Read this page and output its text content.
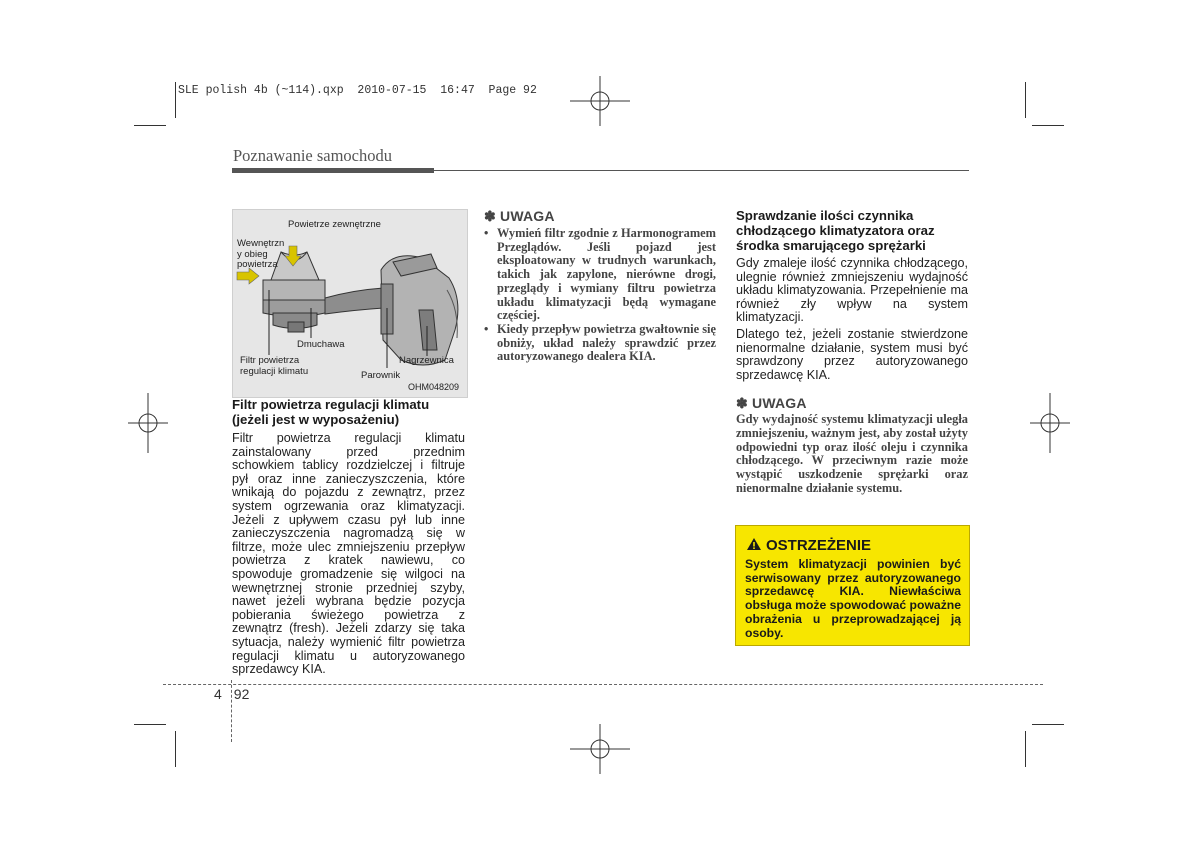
SLE polish 4b (~114).qxp  2010-07-15  16:47  Page 92
Poznawanie samochodu
Powietrze zewnętrzne
Wewnętrzn y obieg powietrza
Dmuchawa
Filtr powietrza regulacji klimatu	Parownik
Nagrzewnica
OHM048209
Filtr powietrza regulacji klimatu (jeżeli jest w wyposażeniu)
Filtr powietrza regulacji klimatu zainstalowany przed przednim schowkiem tablicy rozdzielczej i filtruje pył oraz inne zanieczyszczenia, które wnikają do pojazdu z zewnątrz, przez system ogrzewania oraz klimatyzacji. Jeżeli z upływem czasu pył lub inne zanieczyszczenia nagromadzą się w filtrze, może ulec zmniejszeniu przepływ powietrza z kratek nawiewu, co spowoduje gromadzenie się wilgoci na wewnętrznej stronie przedniej szyby, nawet jeżeli wybrana będzie pozycja pobierania świeżego powietrza z zewnątrz (fresh). Jeżeli zdarzy się taka sytuacja, należy wymienić filtr powietrza regulacji klimatu u autoryzowanego sprzedawcy KIA.
✽ UWAGA
• Wymień filtr zgodnie z Harmonogramem Przeglądów. Jeśli pojazd jest eksploatowany w trudnych warunkach, takich jak zapylone, nierówne drogi, przeglądy i wymiany filtru powietrza układu klimatyzacji będą wymagane częściej.
• Kiedy przepływ powietrza gwałtownie się obniży, układ należy sprawdzić przez autoryzowanego dealera KIA.
Sprawdzanie ilości czynnika chłodzącego klimatyzatora oraz środka smarującego sprężarki
Gdy zmaleje ilość czynnika chłodzącego, ulegnie również zmniejszeniu wydajność układu klimatyzowania. Przepełnienie ma również zły wpływ na system klimatyzacji.
Dlatego też, jeżeli zostanie stwierdzone nienormalne działanie, system musi być sprawdzony przez autoryzowanego sprzedawcę KIA.
✽ UWAGA
Gdy wydajność systemu klimatyzacji uległa zmniejszeniu, ważnym jest, aby został użyty odpowiedni typ oraz ilość oleju i czynnika chłodzącego. W przeciwnym razie może wystąpić uszkodzenie sprężarki oraz nienormalne działanie systemu.
OSTRZEŻENIE
System klimatyzacji powinien być serwisowany przez autoryzowanego sprzedawcę KIA. Niewłaściwa obsługa może spowodować poważne obrażenia u przeprowadzającej ją osoby.
4 92
